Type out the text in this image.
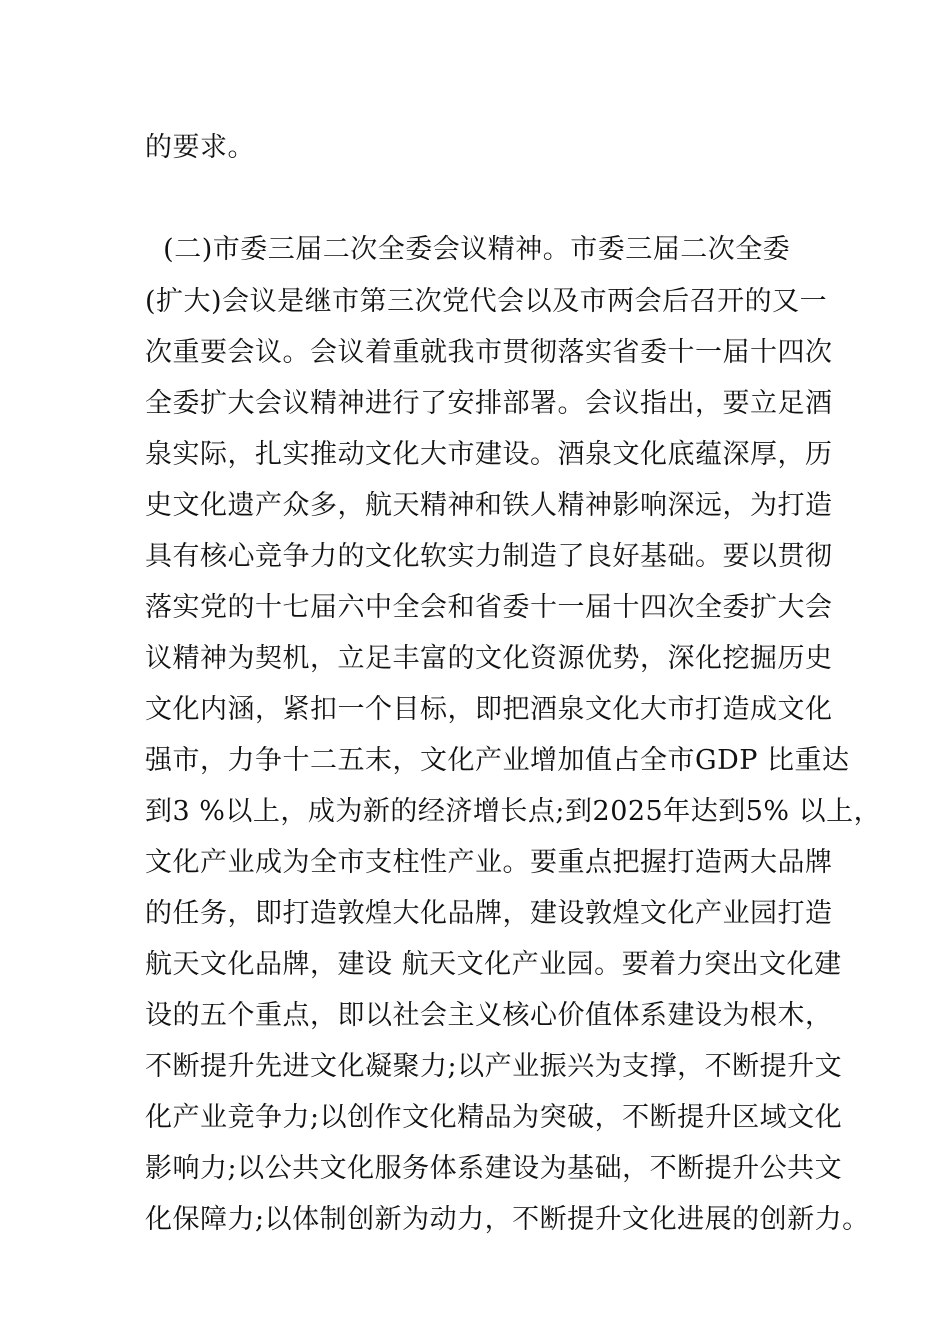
的要求。
(二)市委三届二次全委会议精神。市委三届二次全委
(扩大)会议是继市第三次党代会以及市两会后召开的又一
次重要会议。会议着重就我市贯彻落实省委十一届十四次
全委扩大会议精神进行了安排部署。会议指出，要立足酒
泉实际，扎实推动文化大市建设。酒泉文化底蕴深厚，历
史文化遗产众多，航天精神和铁人精神影响深远，为打造
具有核心竞争力的文化软实力制造了良好基础。要以贯彻
落实党的十七届六中全会和省委十一届十四次全委扩大会
议精神为契机，立足丰富的文化资源优势，深化挖掘历史
文化内涵，紧扣一个目标，即把酒泉文化大市打造成文化
强市，力争十二五末，文化产业增加值占全市GDP 比重达
到3 %以上，成为新的经济增长点;到2025年达到5% 以上，
文化产业成为全市支柱性产业。要重点把握打造两大品牌
的任务，即打造敦煌大化品牌，建设敦煌文化产业园打造
航天文化品牌，建设 航天文化产业园。要着力突出文化建
设的五个重点，即以社会主义核心价值体系建设为根木，
不断提升先进文化凝聚力;以产业振兴为支撑，不断提升文
化产业竞争力;以创作文化精品为突破，不断提升区域文化
影响力;以公共文化服务体系建设为基础，不断提升公共文
化保障力;以体制创新为动力，不断提升文化进展的创新力。
